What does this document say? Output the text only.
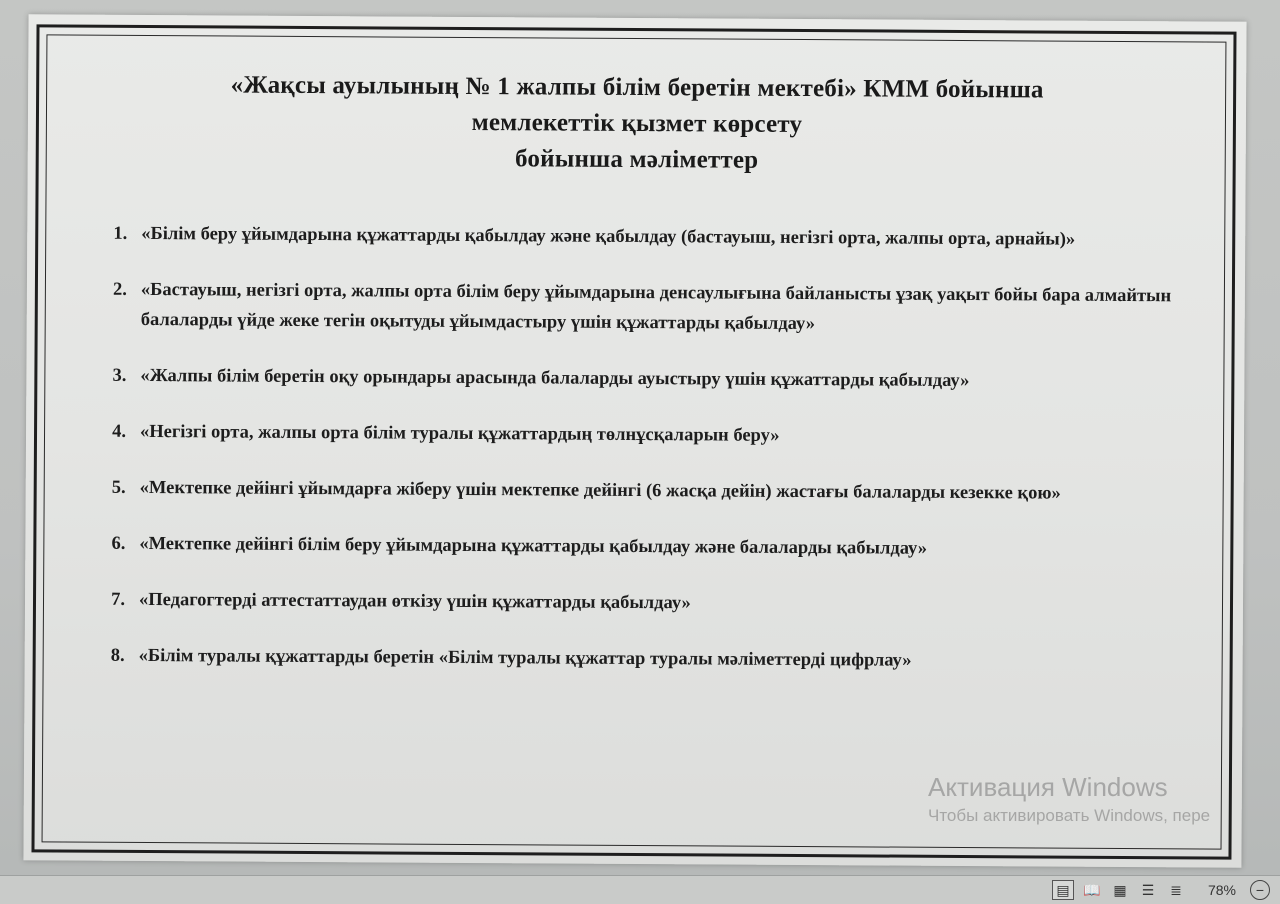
«Жақсы ауылының № 1 жалпы білім беретін мектебі» КММ бойынша
мемлекеттік қызмет көрсету
бойынша мәліметтер
1. «Білім беру ұйымдарына құжаттарды қабылдау және қабылдау (бастауыш, негізгі орта, жалпы орта, арнайы)»
2. «Бастауыш, негізгі орта, жалпы орта білім беру ұйымдарына денсаулығына байланысты ұзақ уақыт бойы бара алмайтын балаларды үйде жеке тегін оқытуды ұйымдастыру үшін құжаттарды қабылдау»
3. «Жалпы білім беретін оқу орындары арасында балаларды ауыстыру үшін құжаттарды қабылдау»
4. «Негізгі орта, жалпы орта білім туралы құжаттардың төлнұсқаларын беру»
5. «Мектепке дейінгі ұйымдарға жіберу үшін мектепке дейінгі (6 жасқа дейін) жастағы балаларды кезекке қою»
6. «Мектепке дейінгі білім беру ұйымдарына құжаттарды қабылдау және балаларды қабылдау»
7. «Педагогтерді аттестаттаудан өткізу үшін құжаттарды қабылдау»
8. «Білім туралы құжаттарды беретін «Білім туралы құжаттар туралы мәліметтерді цифрлау»
Активация Windows
Чтобы активировать Windows, пере
▤ 📖 ▦ ☰ ≣ 78%	−
